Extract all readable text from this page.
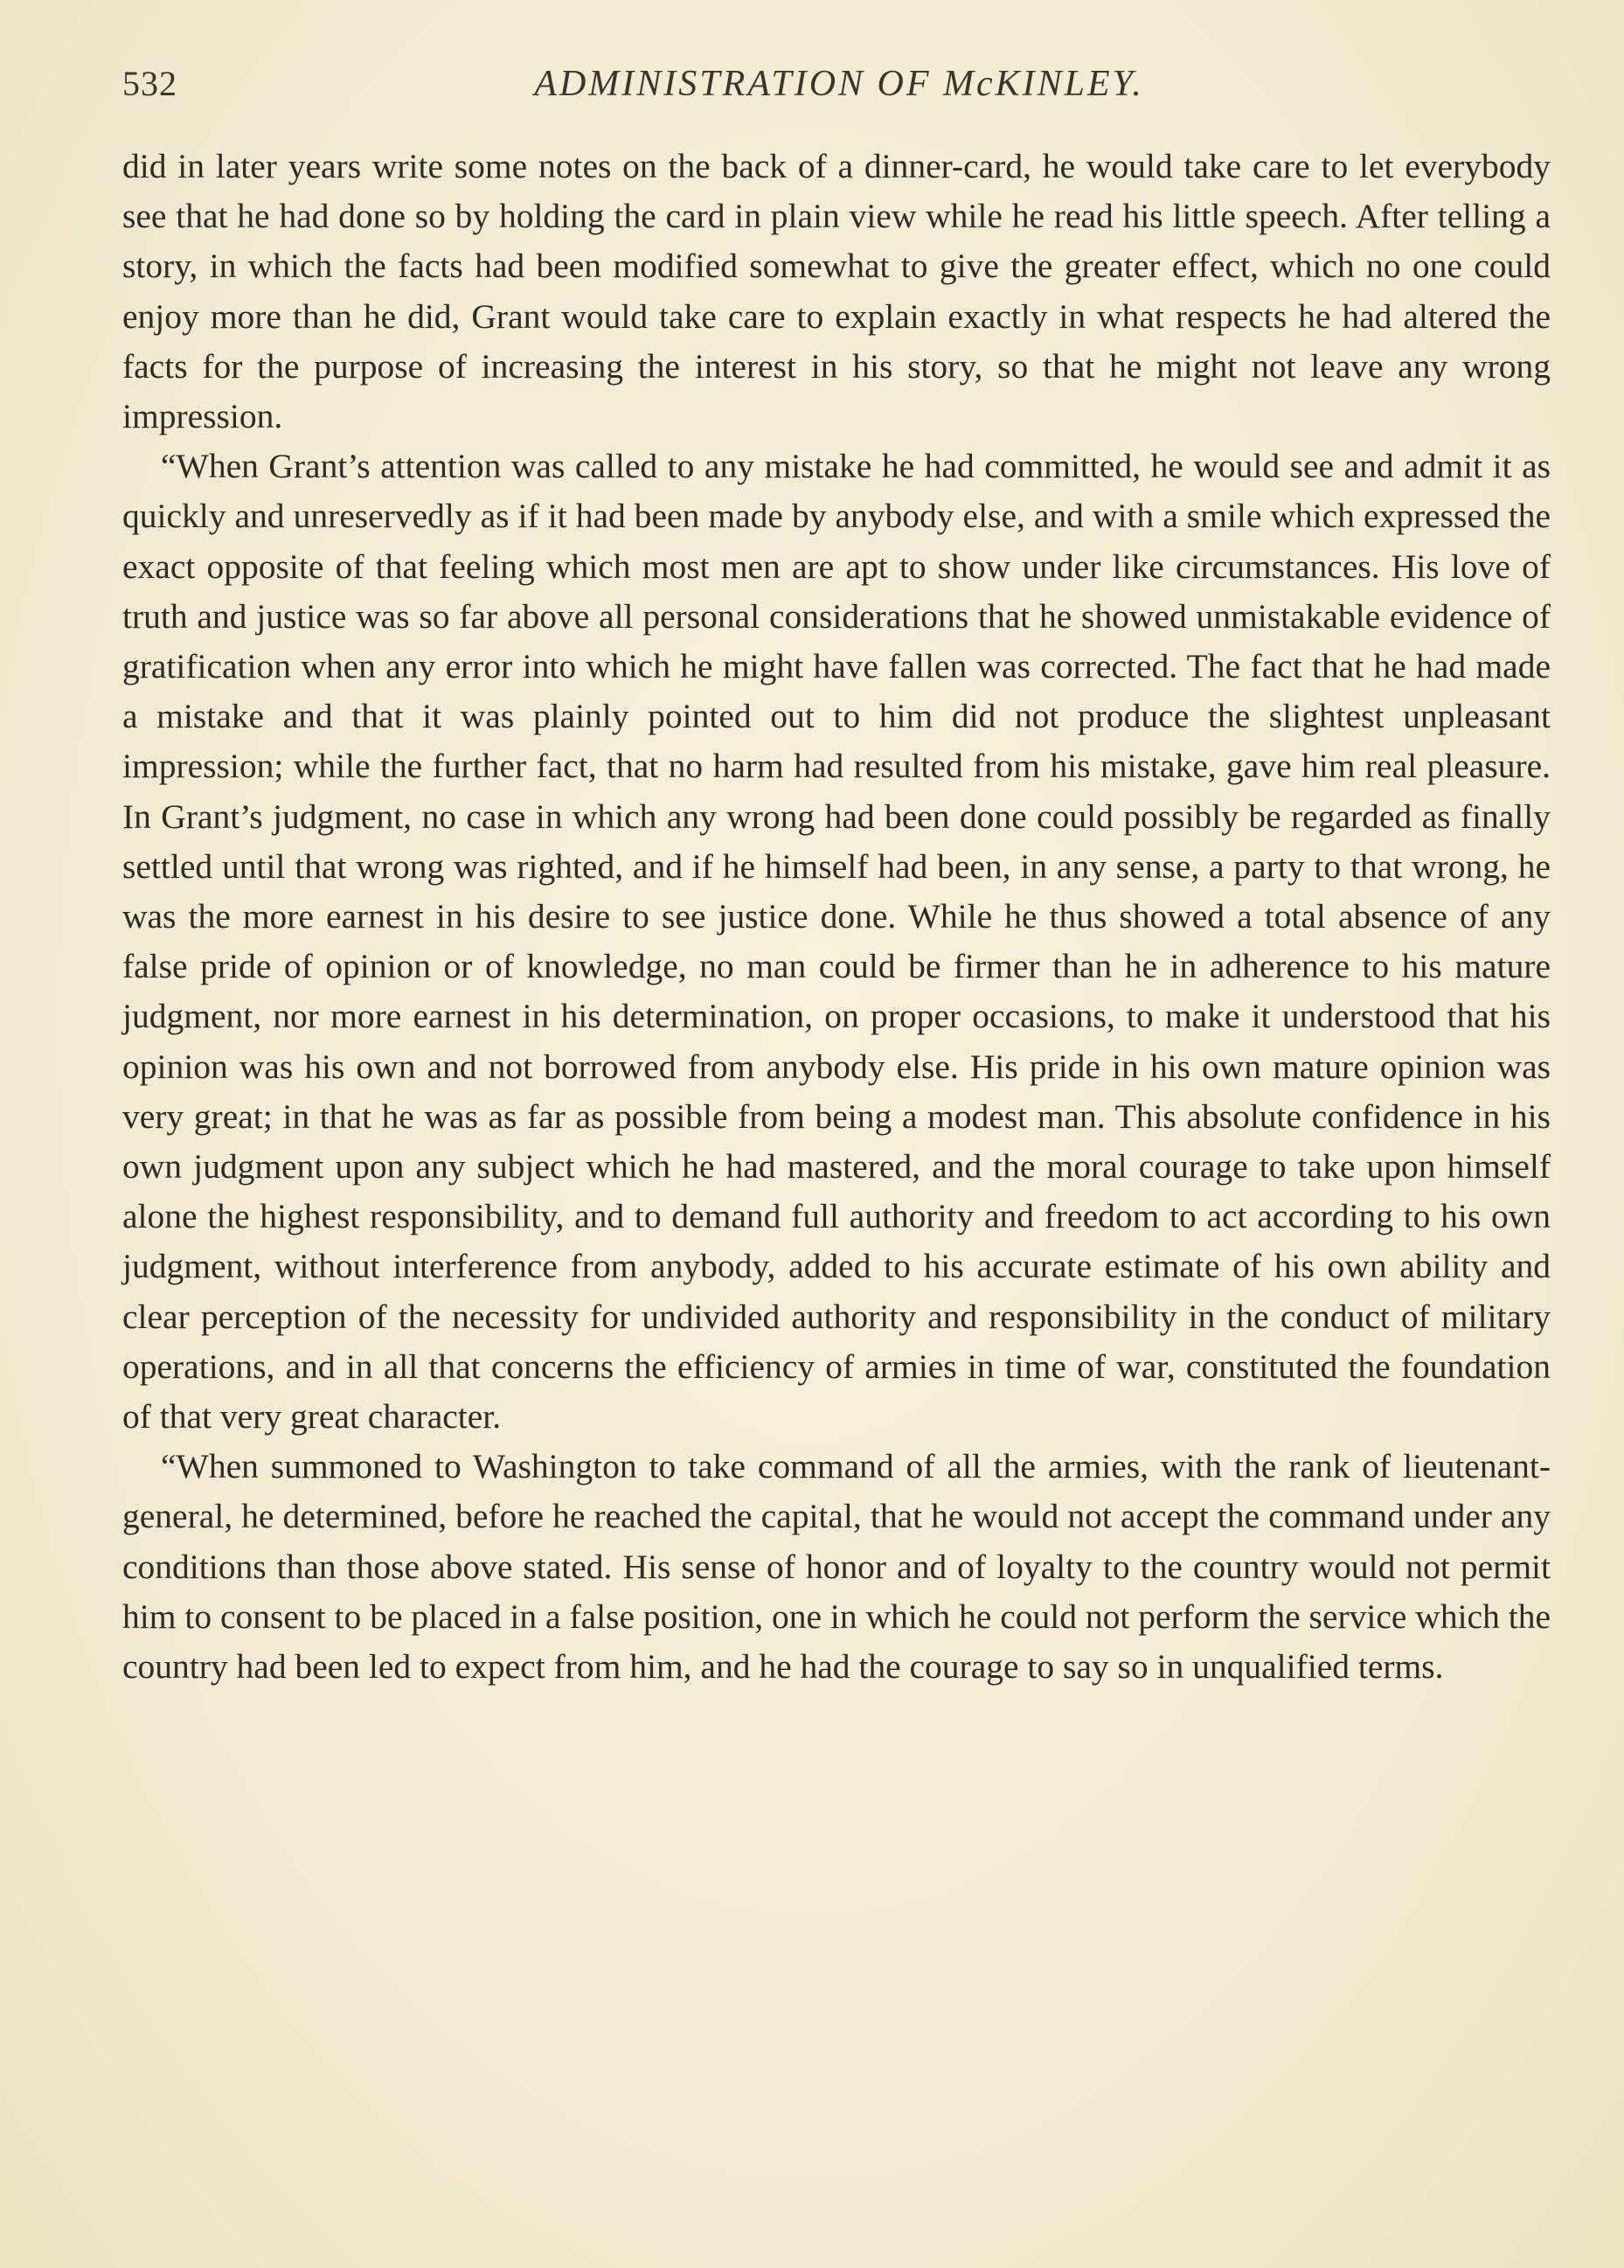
532	ADMINISTRATION OF McKINLEY.

did in later years write some notes on the back of a dinner-card, he would take care to let everybody see that he had done so by holding the card in plain view while he read his little speech. After telling a story, in which the facts had been modified somewhat to give the greater effect, which no one could enjoy more than he did, Grant would take care to explain exactly in what respects he had altered the facts for the purpose of increasing the interest in his story, so that he might not leave any wrong impression.

“When Grant’s attention was called to any mistake he had committed, he would see and admit it as quickly and unreservedly as if it had been made by anybody else, and with a smile which expressed the exact opposite of that feeling which most men are apt to show under like circumstances. His love of truth and justice was so far above all personal considerations that he showed unmistakable evidence of gratification when any error into which he might have fallen was corrected. The fact that he had made a mistake and that it was plainly pointed out to him did not produce the slightest unpleasant impression; while the further fact, that no harm had resulted from his mistake, gave him real pleasure. In Grant’s judgment, no case in which any wrong had been done could possibly be regarded as finally settled until that wrong was righted, and if he himself had been, in any sense, a party to that wrong, he was the more earnest in his desire to see justice done. While he thus showed a total absence of any false pride of opinion or of knowledge, no man could be firmer than he in adherence to his mature judgment, nor more earnest in his determination, on proper occasions, to make it understood that his opinion was his own and not borrowed from anybody else. His pride in his own mature opinion was very great; in that he was as far as possible from being a modest man. This absolute confidence in his own judgment upon any subject which he had mastered, and the moral courage to take upon himself alone the highest responsibility, and to demand full authority and freedom to act according to his own judgment, without interference from anybody, added to his accurate estimate of his own ability and clear perception of the necessity for undivided authority and responsibility in the conduct of military operations, and in all that concerns the efficiency of armies in time of war, constituted the foundation of that very great character.

“When summoned to Washington to take command of all the armies, with the rank of lieutenant-general, he determined, before he reached the capital, that he would not accept the command under any conditions than those above stated. His sense of honor and of loyalty to the country would not permit him to consent to be placed in a false position, one in which he could not perform the service which the country had been led to expect from him, and he had the courage to say so in unqualified terms.
